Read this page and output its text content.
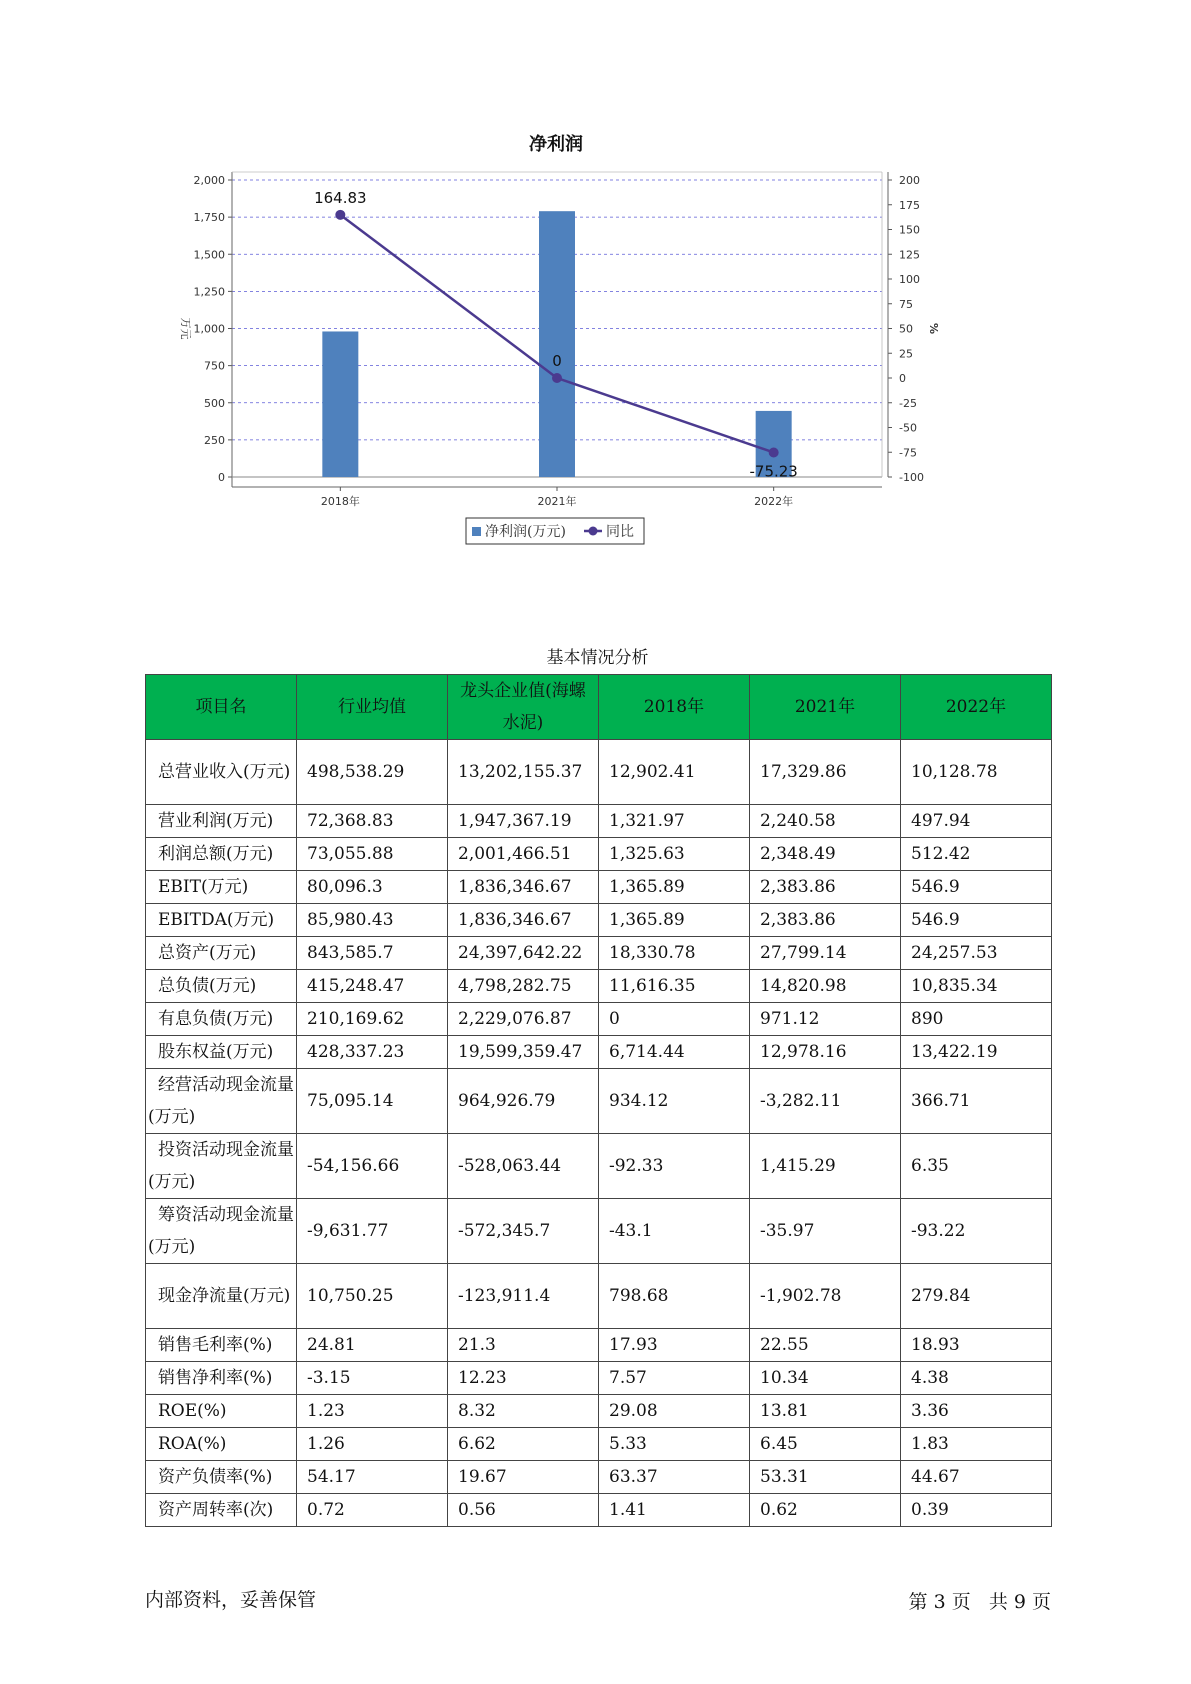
净利润
0
250
500
750
1,000
1,250
1,500
1,750
2,000
-100
-75
-50
-25
0
25
50
75
100
125
150
175
200
万元	%
2018年	2021年	2022年
164.83
0
-75.23
净利润(万元)	同比
基本情况分析
项目名	行业均值	龙头企业值(海螺水泥)	2018年	2021年	2022年
总营业收入(万元)	498,538.29	13,202,155.37	12,902.41	17,329.86	10,128.78
营业利润(万元)	72,368.83	1,947,367.19	1,321.97	2,240.58	497.94
利润总额(万元)	73,055.88	2,001,466.51	1,325.63	2,348.49	512.42
EBIT(万元)	80,096.3	1,836,346.67	1,365.89	2,383.86	546.9
EBITDA(万元)	85,980.43	1,836,346.67	1,365.89	2,383.86	546.9
总资产(万元)	843,585.7	24,397,642.22	18,330.78	27,799.14	24,257.53
总负债(万元)	415,248.47	4,798,282.75	11,616.35	14,820.98	10,835.34
有息负债(万元)	210,169.62	2,229,076.87	0	971.12	890
股东权益(万元)	428,337.23	19,599,359.47	6,714.44	12,978.16	13,422.19
经营活动现金流量(万元)	75,095.14	964,926.79	934.12	-3,282.11	366.71
投资活动现金流量(万元)	-54,156.66	-528,063.44	-92.33	1,415.29	6.35
筹资活动现金流量(万元)	-9,631.77	-572,345.7	-43.1	-35.97	-93.22
现金净流量(万元)	10,750.25	-123,911.4	798.68	-1,902.78	279.84
销售毛利率(%)	24.81	21.3	17.93	22.55	18.93
销售净利率(%)	-3.15	12.23	7.57	10.34	4.38
ROE(%)	1.23	8.32	29.08	13.81	3.36
ROA(%)	1.26	6.62	5.33	6.45	1.83
资产负债率(%)	54.17	19.67	63.37	53.31	44.67
资产周转率(次)	0.72	0.56	1.41	0.62	0.39
内部资料，妥善保管	第 3 页   共 9 页
